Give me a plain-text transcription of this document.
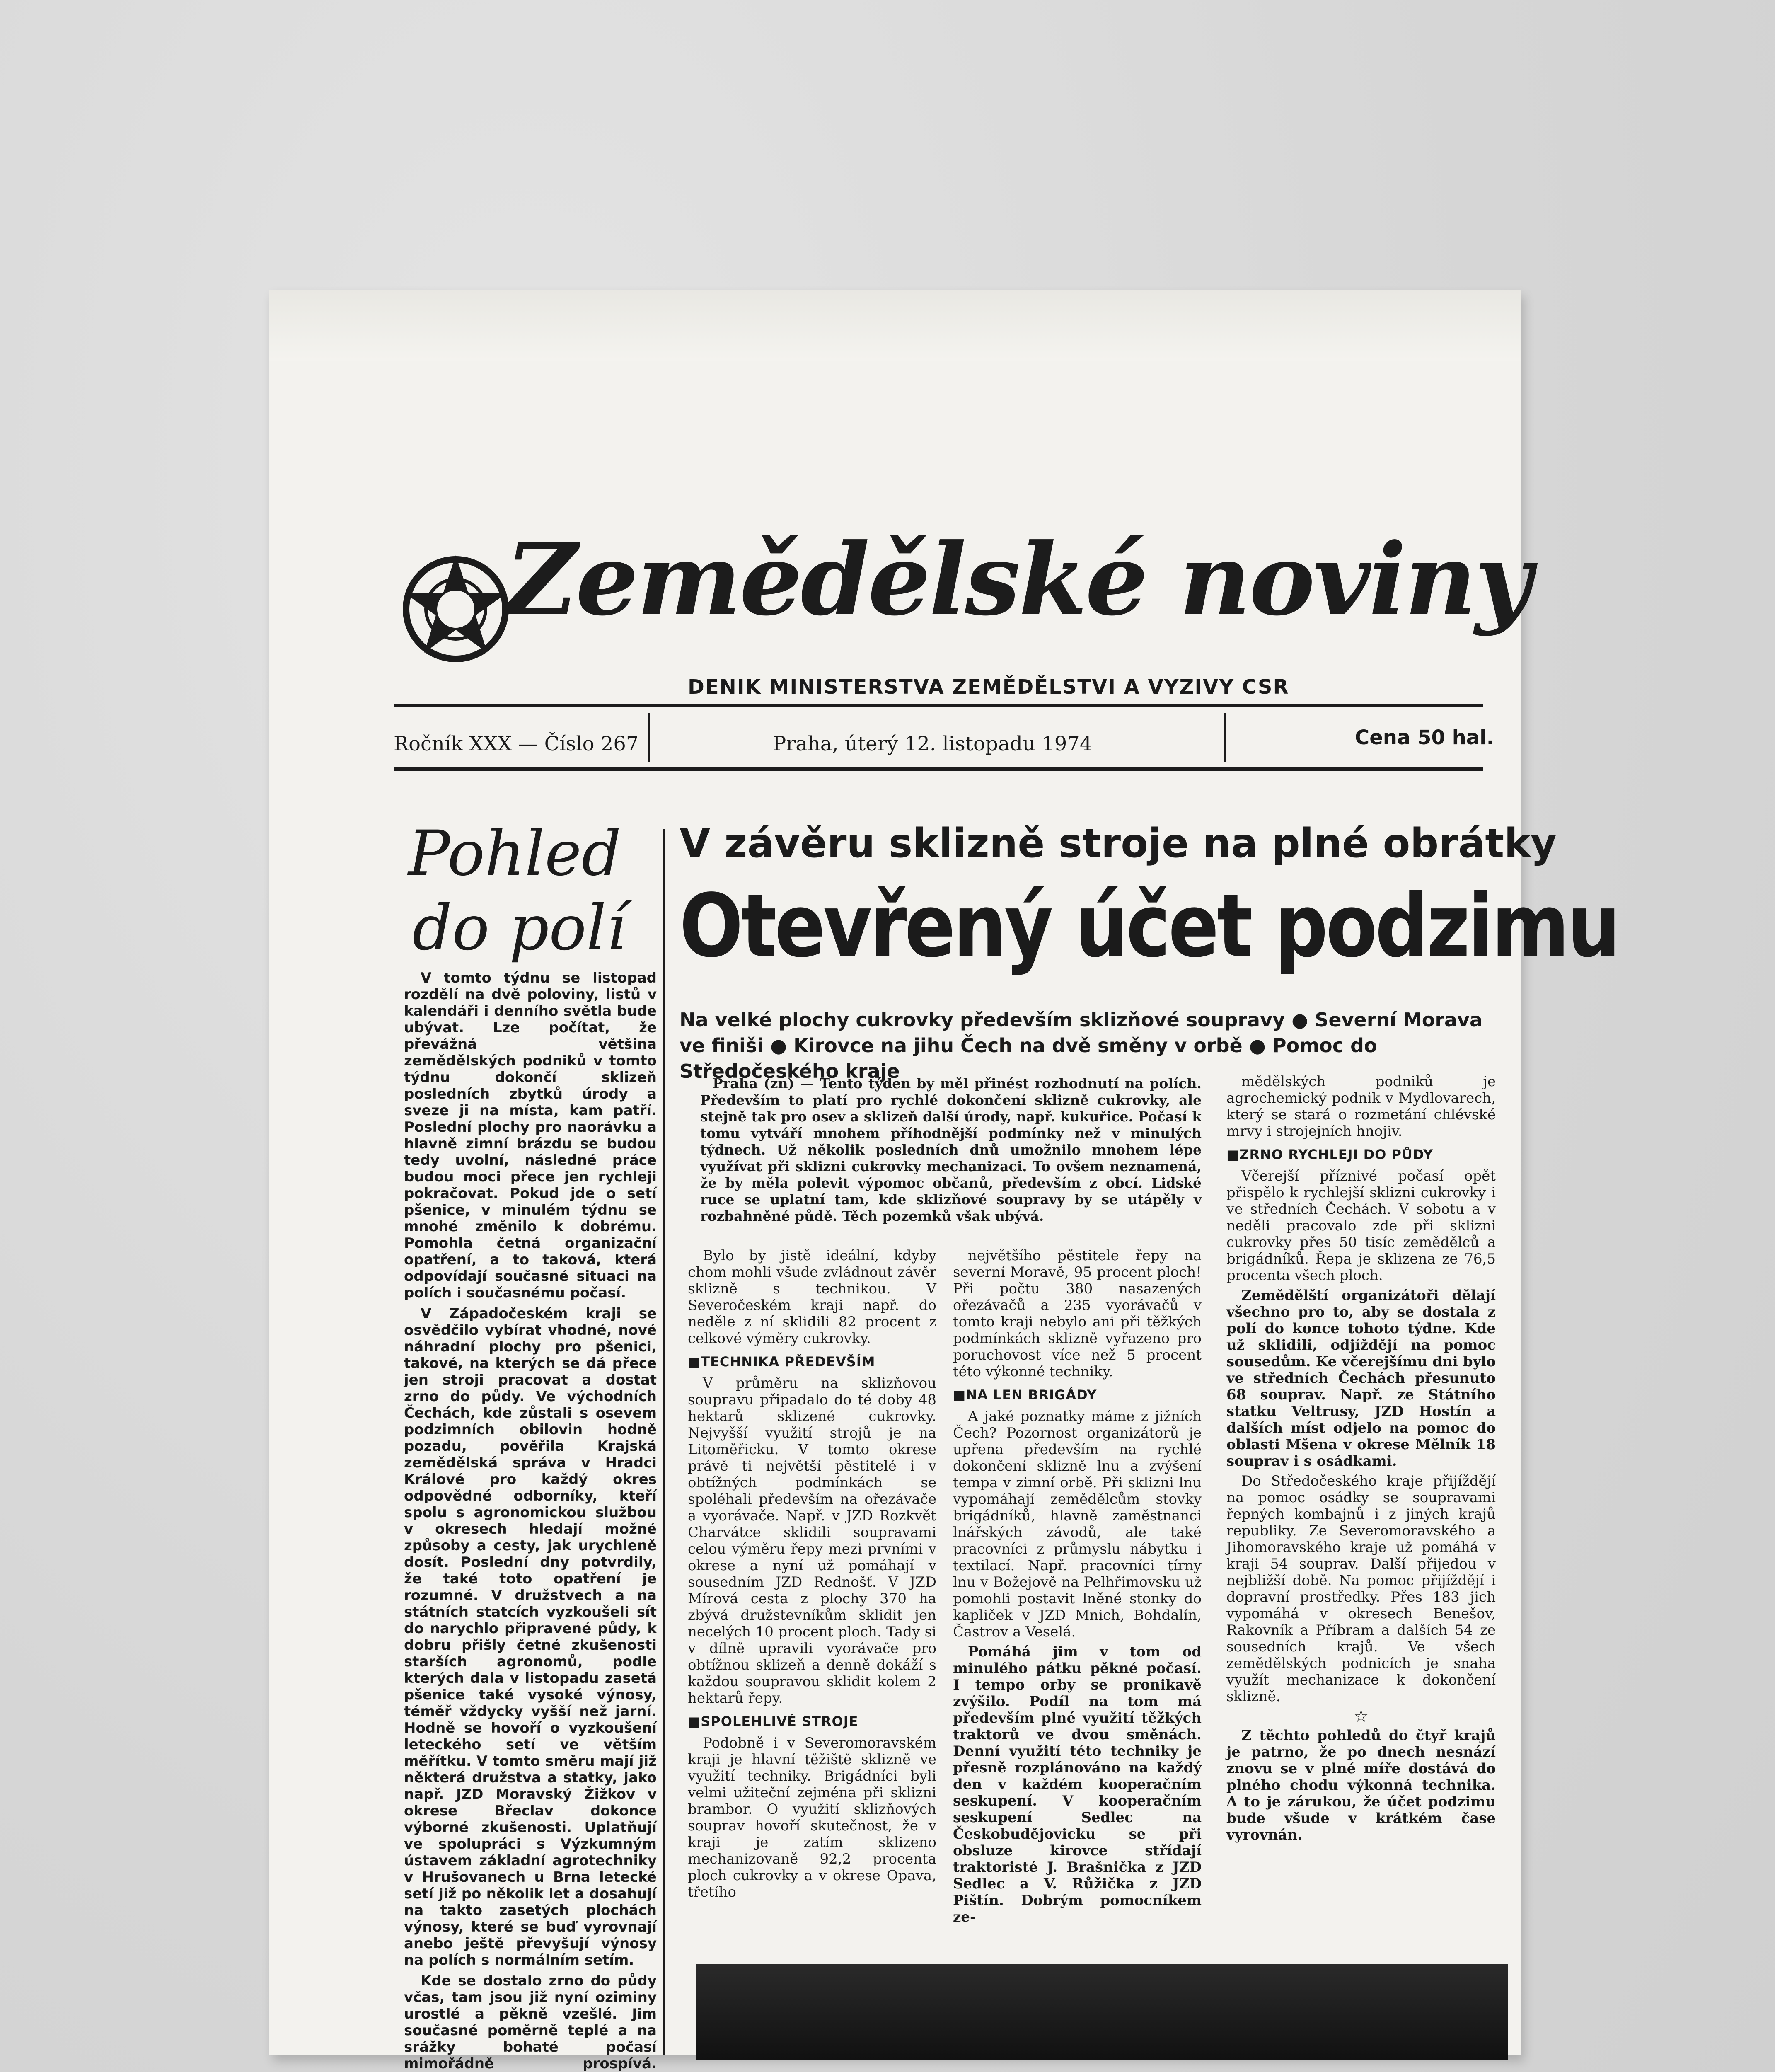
Zemědělské noviny
DENIK MINISTERSTVA ZEMĚDĚLSTVI A VYZIVY CSR
Ročník XXX — Číslo 267	Praha, úterý 12. listopadu 1974	Cena 50 hal.
Pohled
do polí

V tomto týdnu se listopad rozdělí na dvě poloviny, listů v kalendáři i denního světla bude ubývat. Lze počítat, že převážná většina zemědělských podniků v tomto týdnu dokončí sklizeň posledních zbytků úrody a sveze ji na místa, kam patří. Poslední plochy pro naorávku a hlavně zimní brázdu se budou tedy uvolní, následné práce budou moci přece jen rychleji pokračovat. Pokud jde o setí pšenice, v minulém týdnu se mnohé změnilo k dobrému. Pomohla četná organizační opatření, a to taková, která odpovídají současné situaci na polích i současnému počasí.

V Západočeském kraji se osvědčilo vybírat vhodné, nové náhradní plochy pro pšenici, takové, na kterých se dá přece jen stroji pracovat a dostat zrno do půdy. Ve východních Čechách, kde zůstali s osevem podzimních obilovin hodně pozadu, pověřila Krajská zemědělská správa v Hradci Králové pro každý okres odpovědné odborníky, kteří spolu s agronomickou službou v okresech hledají možné způsoby a cesty, jak urychleně dosít. Poslední dny potvrdily, že také toto opatření je rozumné. V družstvech a na státních statcích vyzkoušeli sít do narychlo připravené půdy, k dobru přišly četné zkušenosti starších agronomů, podle kterých dala v listopadu zasetá pšenice také vysoké výnosy, téměř vždycky vyšší než jarní. Hodně se hovoří o vyzkoušení leteckého setí ve větším měřítku. V tomto směru mají již některá družstva a statky, jako např. JZD Moravský Žižkov v okrese Břeclav dokonce výborné zkušenosti. Uplatňují ve spolupráci s Výzkumným ústavem základní agrotechniky v Hrušovanech u Brna letecké setí již po několik let a dosahují na takto zasetých plochách výnosy, které se buď vyrovnají anebo ještě převyšují výnosy na polích s normálním setím.

Kde se dostalo zrno do půdy včas, tam jsou již nyní oziminy urostlé a pěkně vzešlé. Jim současné poměrně teplé a na srážky bohaté počasí mimořádně prospívá.

V závěru sklizně stroje na plné obrátky
Otevřený účet podzimu
Na velké plochy cukrovky především sklizňové soupravy ● Severní Morava ve finiši ● Kirovce na jihu Čech na dvě směny v orbě ● Pomoc do Středočeského kraje
Praha (zn) — Tento týden by měl přinést rozhodnutí na polích. Především to platí pro rychlé dokončení sklizně cukrovky, ale stejně tak pro osev a sklizeň další úrody, např. kukuřice. Počasí k tomu vytváří mnohem příhodnější podmínky než v minulých týdnech. Už několik posledních dnů umožnilo mnohem lépe využívat při sklizni cukrovky mechanizaci. To ovšem neznamená, že by měla polevit výpomoc občanů, především z obcí. Lidské ruce se uplatní tam, kde sklizňové soupravy by se utápěly v rozbahněné půdě. Těch pozemků však ubývá.

Bylo by jistě ideální, kdyby chom mohli všude zvládnout závěr sklizně s technikou. V Severočeském kraji např. do neděle z ní sklidili 82 procent z celkové výměry cukrovky.

■ TECHNIKA PŘEDEVŠÍM

V průměru na sklizňovou soupravu připadalo do té doby 48 hektarů sklizené cukrovky. Nejvyšší využití strojů je na Litoměřicku. V tomto okrese právě ti největší pěstitelé i v obtížných podmínkách se spoléhali především na ořezávače a vyorávače. Např. v JZD Rozkvět Charvátce sklidili soupravami celou výměru řepy mezi prvními v okrese a nyní už pomáhají v sousedním JZD Rednošť. V JZD Mírová cesta z plochy 370 ha zbývá družstevníkům sklidit jen necelých 10 procent ploch. Tady si v dílně upravili vyorávače pro obtížnou sklizeň a denně dokáží s každou soupravou sklidit kolem 2 hektarů řepy.

■ SPOLEHLIVÉ STROJE

Podobně i v Severomoravském kraji je hlavní těžiště sklizně ve využití techniky. Brigádníci byli velmi užiteční zejména při sklizni brambor. O využití sklizňových souprav hovoří skutečnost, že v kraji je zatím sklizeno mechanizovaně 92,2 procenta ploch cukrovky a v okrese Opava, třetího

největšího pěstitele řepy na severní Moravě, 95 procent ploch! Při počtu 380 nasazených ořezávačů a 235 vyorávačů v tomto kraji nebylo ani při těžkých podmínkách sklizně vyřazeno pro poruchovost více než 5 procent této výkonné techniky.

■ NA LEN BRIGÁDY

A jaké poznatky máme z jižních Čech? Pozornost organizátorů je upřena především na rychlé dokončení sklizně lnu a zvýšení tempa v zimní orbě. Při sklizni lnu vypomáhají zemědělcům stovky brigádníků, hlavně zaměstnanci lnářských závodů, ale také pracovníci z průmyslu nábytku i textilací. Např. pracovníci tírny lnu v Božejově na Pelhřimovsku už pomohli postavit lněné stonky do kapliček v JZD Mnich, Bohdalín, Častrov a Veselá.

Pomáhá jim v tom od minulého pátku pěkné počasí. I tempo orby se pronikavě zvýšilo. Podíl na tom má především plné využití těžkých traktorů ve dvou směnách. Denní využití této techniky je přesně rozplánováno na každý den v každém kooperačním seskupení. V kooperačním seskupení Sedlec na Českobudějovicku se při obsluze kirovce střídají traktoristé J. Brašnička z JZD Sedlec a V. Růžička z JZD Pištín. Dobrým pomocníkem ze-

mědělských podniků je agrochemický podnik v Mydlovarech, který se stará o rozmetání chlévské mrvy i strojejních hnojiv.

■ ZRNO RYCHLEJI DO PŮDY

Včerejší příznivé počasí opět přispělo k rychlejší sklizni cukrovky i ve středních Čechách. V sobotu a v neděli pracovalo zde při sklizni cukrovky přes 50 tisíc zemědělců a brigádníků. Řepa je sklizena ze 76,5 procenta všech ploch.

Zemědělští organizátoři dělají všechno pro to, aby se dostala z polí do konce tohoto týdne. Kde už sklidili, odjíždějí na pomoc sousedům. Ke včerejšímu dni bylo ve středních Čechách přesunuto 68 souprav. Např. ze Státního statku Veltrusy, JZD Hostín a dalších míst odjelo na pomoc do oblasti Mšena v okrese Mělník 18 souprav i s osádkami.

Do Středočeského kraje přijíždějí na pomoc osádky se soupravami řepných kombajnů i z jiných krajů republiky. Ze Severomoravského a Jihomoravského kraje už pomáhá v kraji 54 souprav. Další přijedou v nejbližší době. Na pomoc přijíždějí i dopravní prostředky. Přes 183 jich vypomáhá v okresech Benešov, Rakovník a Příbram a dalších 54 ze sousedních krajů. Ve všech zemědělských podnicích je snaha využít mechanizace k dokončení sklizně.

☆

Z těchto pohledů do čtyř krajů je patrno, že po dnech nesnází znovu se v plné míře dostává do plného chodu výkonná technika. A to je zárukou, že účet podzimu bude všude v krátkém čase vyrovnán.
